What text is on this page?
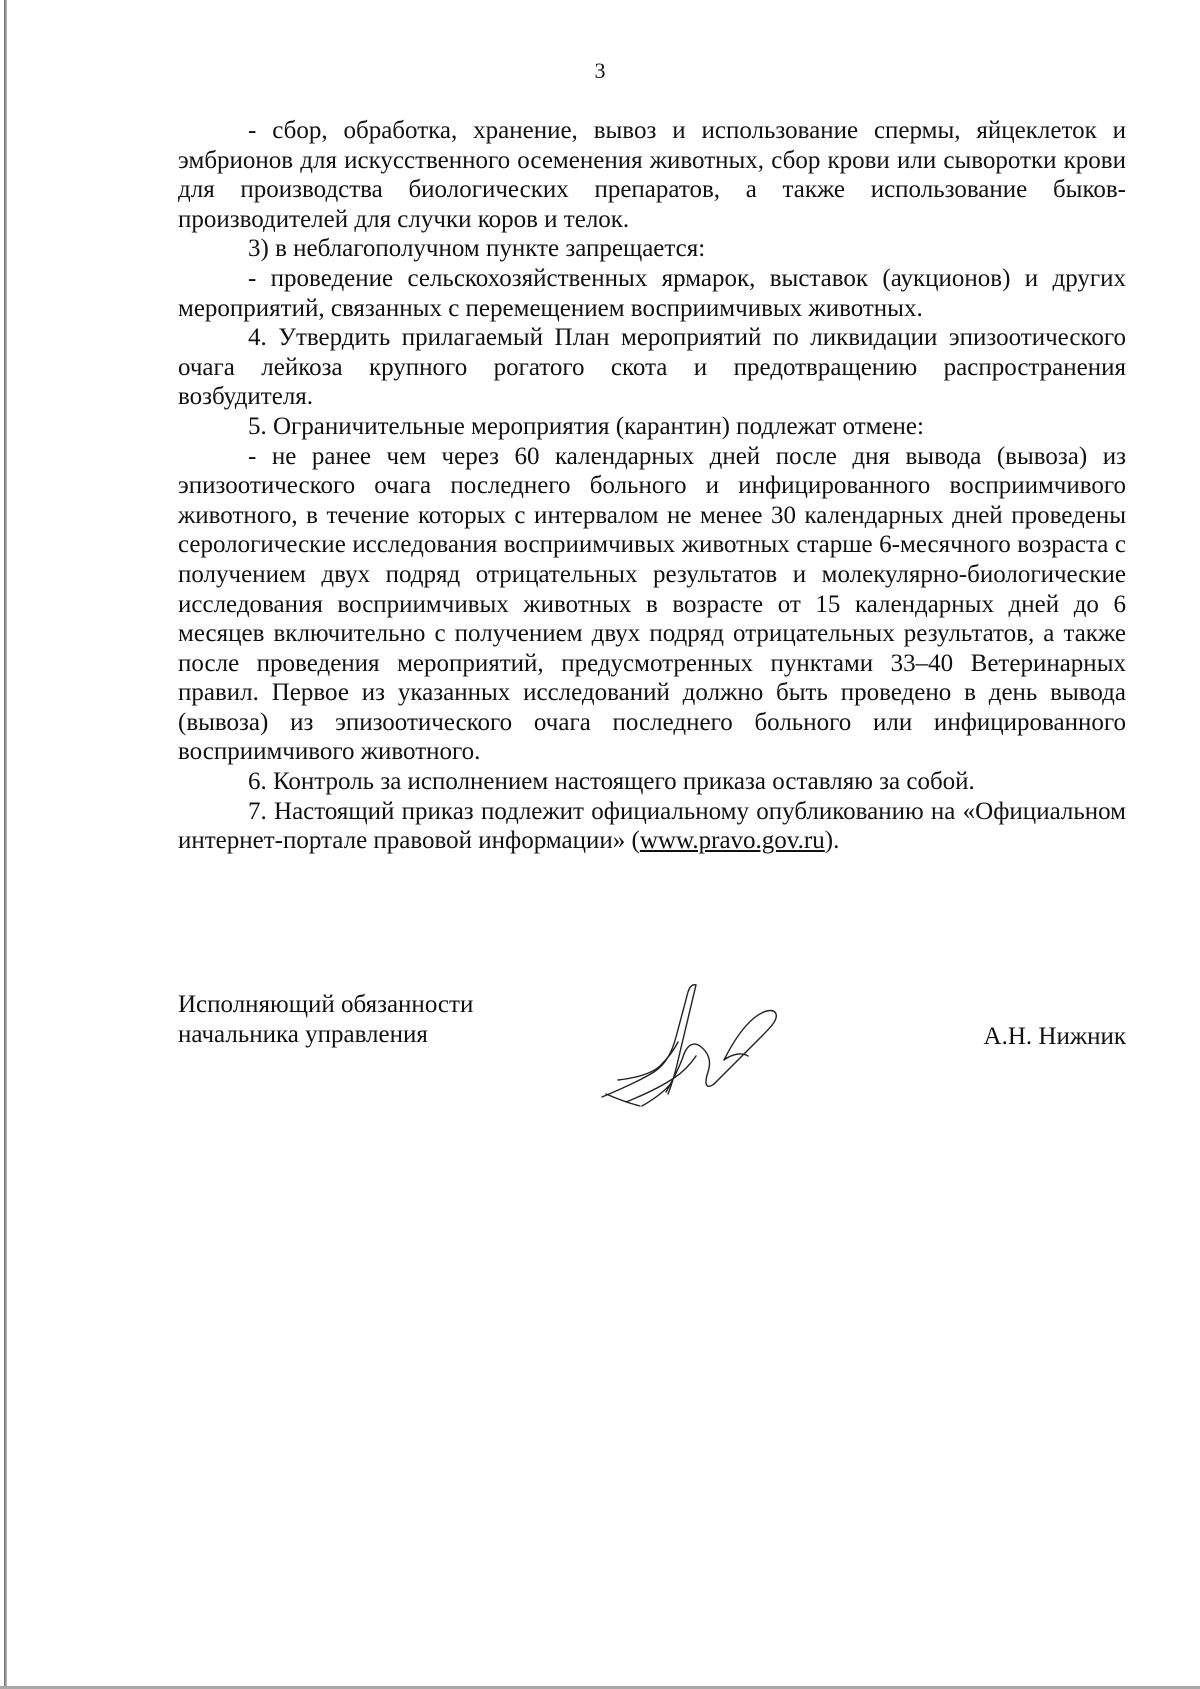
3

- сбор, обработка, хранение, вывоз и использование спермы, яйцеклеток и эмбрионов для искусственного осеменения животных, сбор крови или сыворотки крови для производства биологических препаратов, а также использование быков-производителей для случки коров и телок.

3) в неблагополучном пункте запрещается:

- проведение сельскохозяйственных ярмарок, выставок (аукционов) и других мероприятий, связанных с перемещением восприимчивых животных.

4. Утвердить прилагаемый План мероприятий по ликвидации эпизоотического очага лейкоза крупного рогатого скота и предотвращению распространения возбудителя.

5. Ограничительные мероприятия (карантин) подлежат отмене:

- не ранее чем через 60 календарных дней после дня вывода (вывоза) из эпизоотического очага последнего больного и инфицированного восприимчивого животного, в течение которых с интервалом не менее 30 календарных дней проведены серологические исследования восприимчивых животных старше 6-месячного возраста с получением двух подряд отрицательных результатов и молекулярно-биологические исследования восприимчивых животных в возрасте от 15 календарных дней до 6 месяцев включительно с получением двух подряд отрицательных результатов, а также после проведения мероприятий, предусмотренных пунктами 33–40 Ветеринарных правил. Первое из указанных исследований должно быть проведено в день вывода (вывоза) из эпизоотического очага последнего больного или инфицированного восприимчивого животного.

6. Контроль за исполнением настоящего приказа оставляю за собой.

7. Настоящий приказ подлежит официальному опубликованию на «Официальном интернет-портале правовой информации» (www.pravo.gov.ru).

Исполняющий обязанности
начальника управления	А.Н. Нижник
